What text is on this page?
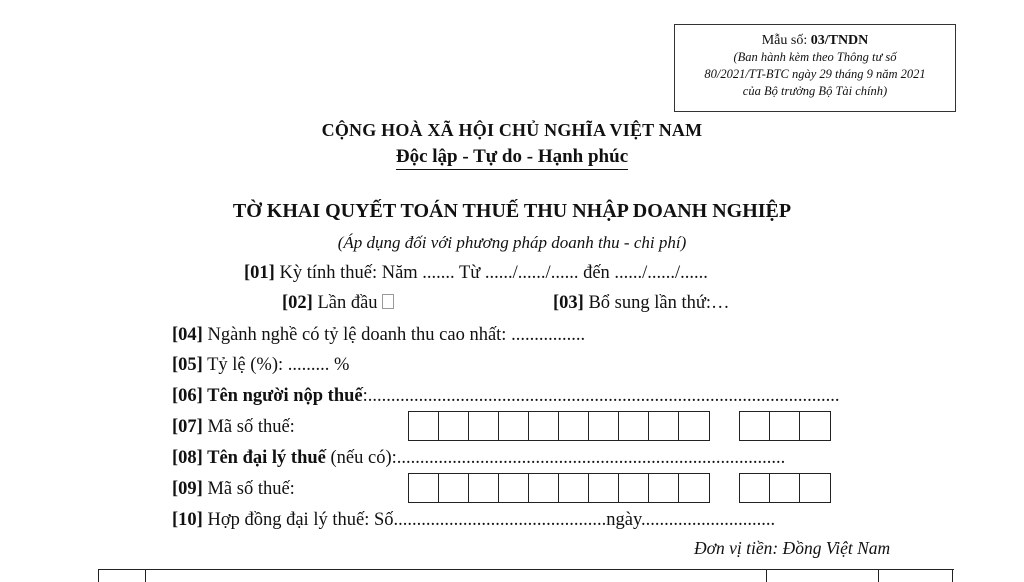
Mẫu số: 03/TNDN
(Ban hành kèm theo Thông tư số
80/2021/TT-BTC ngày 29 tháng 9 năm 2021
của Bộ trưởng Bộ Tài chính)
CỘNG HOÀ XÃ HỘI CHỦ NGHĨA VIỆT NAM
Độc lập - Tự do - Hạnh phúc
TỜ KHAI QUYẾT TOÁN THUẾ THU NHẬP DOANH NGHIỆP
(Áp dụng đối với phương pháp doanh thu - chi phí)
[01] Kỳ tính thuế: Năm ....... Từ ....../....../...... đến ....../....../......
[02] Lần đầu	[03] Bổ sung lần thứ:…
[04] Ngành nghề có tỷ lệ doanh thu cao nhất: ................
[05] Tỷ lệ (%): ......... %
[06] Tên người nộp thuế:......................................................................................................
[07] Mã số thuế:
[08] Tên đại lý thuế (nếu có):....................................................................................
[09] Mã số thuế:
[10] Hợp đồng đại lý thuế: Số..............................................ngày.............................
Đơn vị tiền: Đồng Việt Nam
